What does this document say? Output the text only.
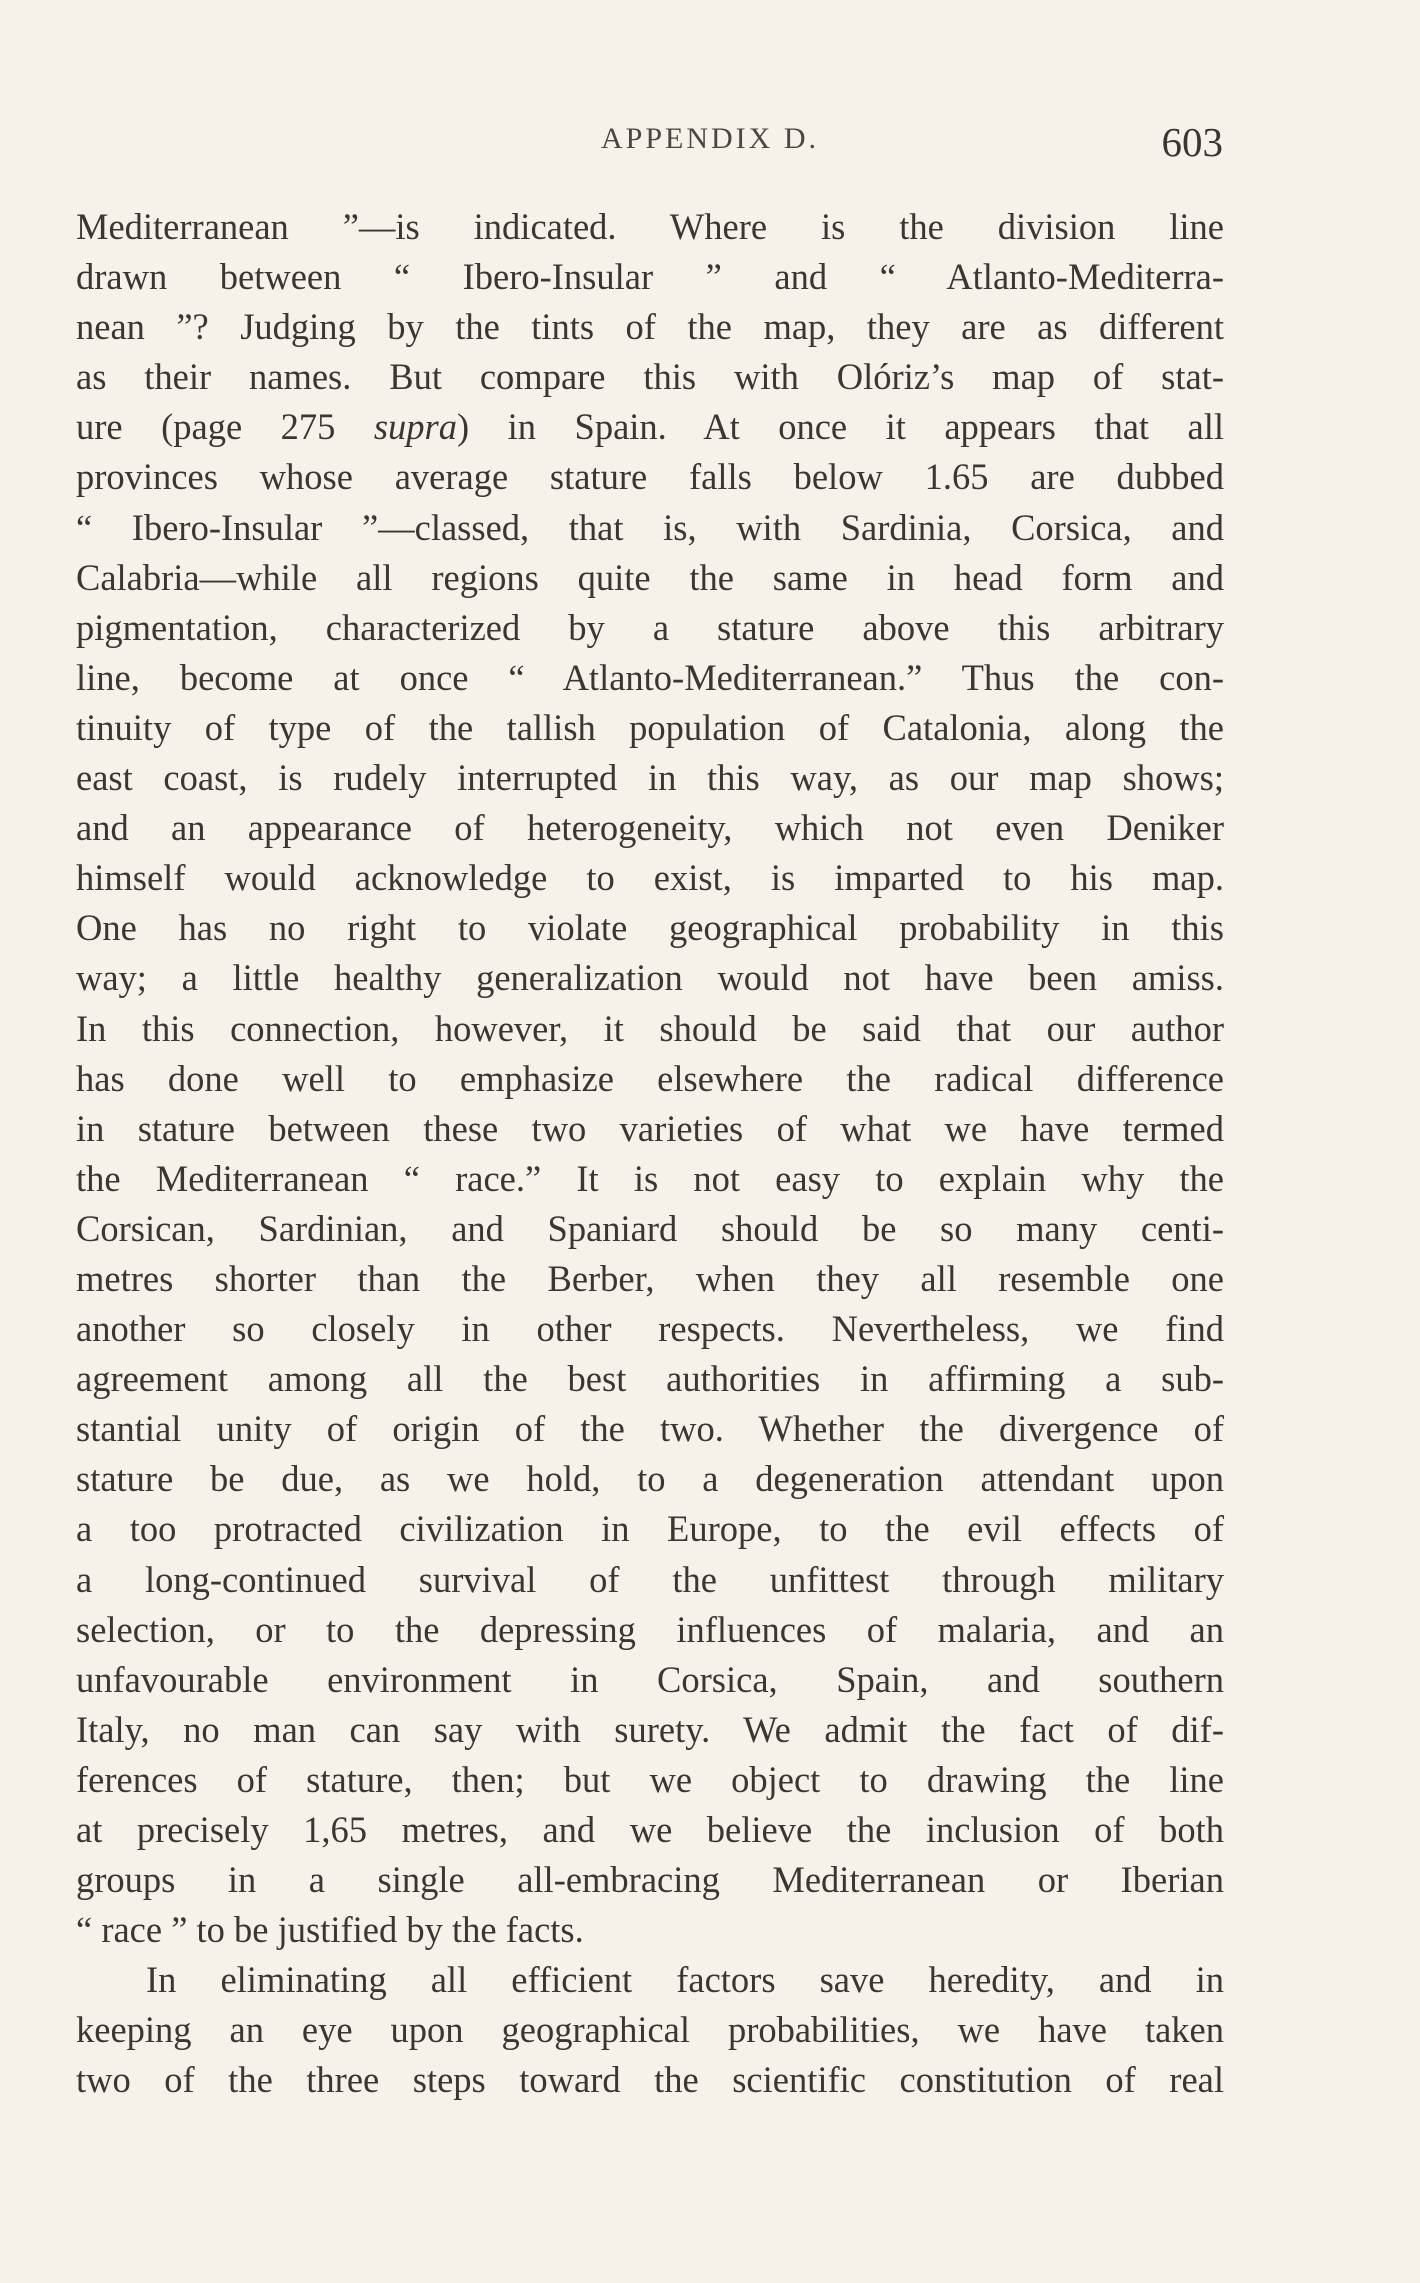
APPENDIX D.	603
Mediterranean ”—is indicated. Where is the division line
drawn between “ Ibero-Insular ” and “ Atlanto-Mediterra-
nean ”? Judging by the tints of the map, they are as different
as their names. But compare this with Olóriz’s map of stat-
ure (page 275 supra) in Spain. At once it appears that all
provinces whose average stature falls below 1.65 are dubbed
“ Ibero-Insular ”—classed, that is, with Sardinia, Corsica, and
Calabria—while all regions quite the same in head form and
pigmentation, characterized by a stature above this arbitrary
line, become at once “ Atlanto-Mediterranean.” Thus the con-
tinuity of type of the tallish population of Catalonia, along the
east coast, is rudely interrupted in this way, as our map shows;
and an appearance of heterogeneity, which not even Deniker
himself would acknowledge to exist, is imparted to his map.
One has no right to violate geographical probability in this
way; a little healthy generalization would not have been amiss.
In this connection, however, it should be said that our author
has done well to emphasize elsewhere the radical difference
in stature between these two varieties of what we have termed
the Mediterranean “ race.” It is not easy to explain why the
Corsican, Sardinian, and Spaniard should be so many centi-
metres shorter than the Berber, when they all resemble one
another so closely in other respects. Nevertheless, we find
agreement among all the best authorities in affirming a sub-
stantial unity of origin of the two. Whether the divergence of
stature be due, as we hold, to a degeneration attendant upon
a too protracted civilization in Europe, to the evil effects of
a long-continued survival of the unfittest through military
selection, or to the depressing influences of malaria, and an
unfavourable environment in Corsica, Spain, and southern
Italy, no man can say with surety. We admit the fact of dif-
ferences of stature, then; but we object to drawing the line
at precisely 1,65 metres, and we believe the inclusion of both
groups in a single all-embracing Mediterranean or Iberian
“ race ” to be justified by the facts.
In eliminating all efficient factors save heredity, and in
keeping an eye upon geographical probabilities, we have taken
two of the three steps toward the scientific constitution of real
